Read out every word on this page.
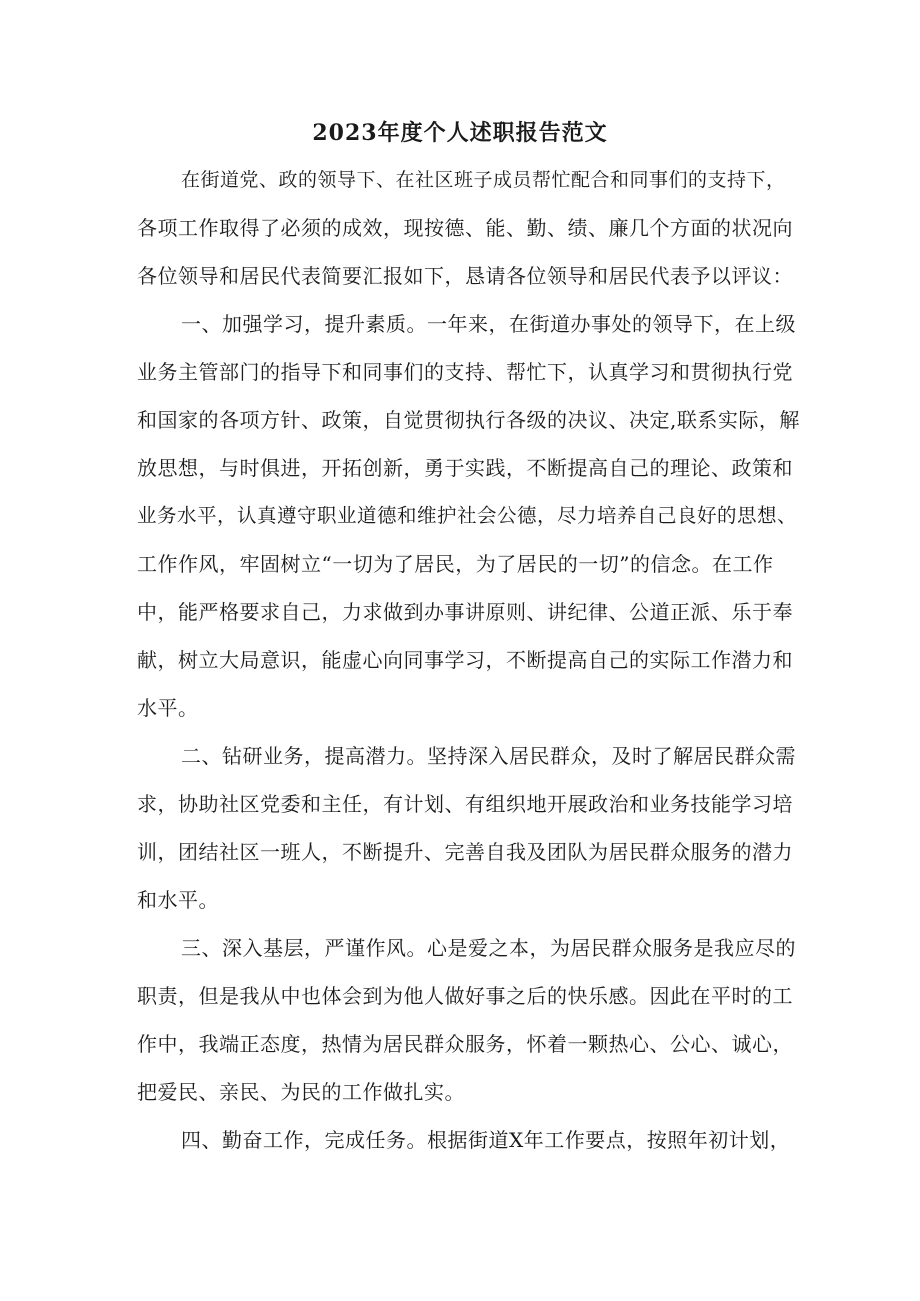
2023年度个人述职报告范文
在街道党、政的领导下、在社区班子成员帮忙配合和同事们的支持下，
各项工作取得了必须的成效，现按德、能、勤、绩、廉几个方面的状况向
各位领导和居民代表简要汇报如下，恳请各位领导和居民代表予以评议：
一、加强学习，提升素质。一年来，在街道办事处的领导下，在上级
业务主管部门的指导下和同事们的支持、帮忙下，认真学习和贯彻执行党
和国家的各项方针、政策，自觉贯彻执行各级的决议、决定,联系实际，解
放思想，与时俱进，开拓创新，勇于实践，不断提高自己的理论、政策和
业务水平，认真遵守职业道德和维护社会公德，尽力培养自己良好的思想、
工作作风，牢固树立“一切为了居民，为了居民的一切”的信念。在工作
中，能严格要求自己，力求做到办事讲原则、讲纪律、公道正派、乐于奉
献，树立大局意识，能虚心向同事学习，不断提高自己的实际工作潜力和
水平。
二、钻研业务，提高潜力。坚持深入居民群众，及时了解居民群众需
求，协助社区党委和主任，有计划、有组织地开展政治和业务技能学习培
训，团结社区一班人，不断提升、完善自我及团队为居民群众服务的潜力
和水平。
三、深入基层，严谨作风。心是爱之本，为居民群众服务是我应尽的
职责，但是我从中也体会到为他人做好事之后的快乐感。因此在平时的工
作中，我端正态度，热情为居民群众服务，怀着一颗热心、公心、诚心，
把爱民、亲民、为民的工作做扎实。
四、勤奋工作，完成任务。根据街道X年工作要点，按照年初计划，
